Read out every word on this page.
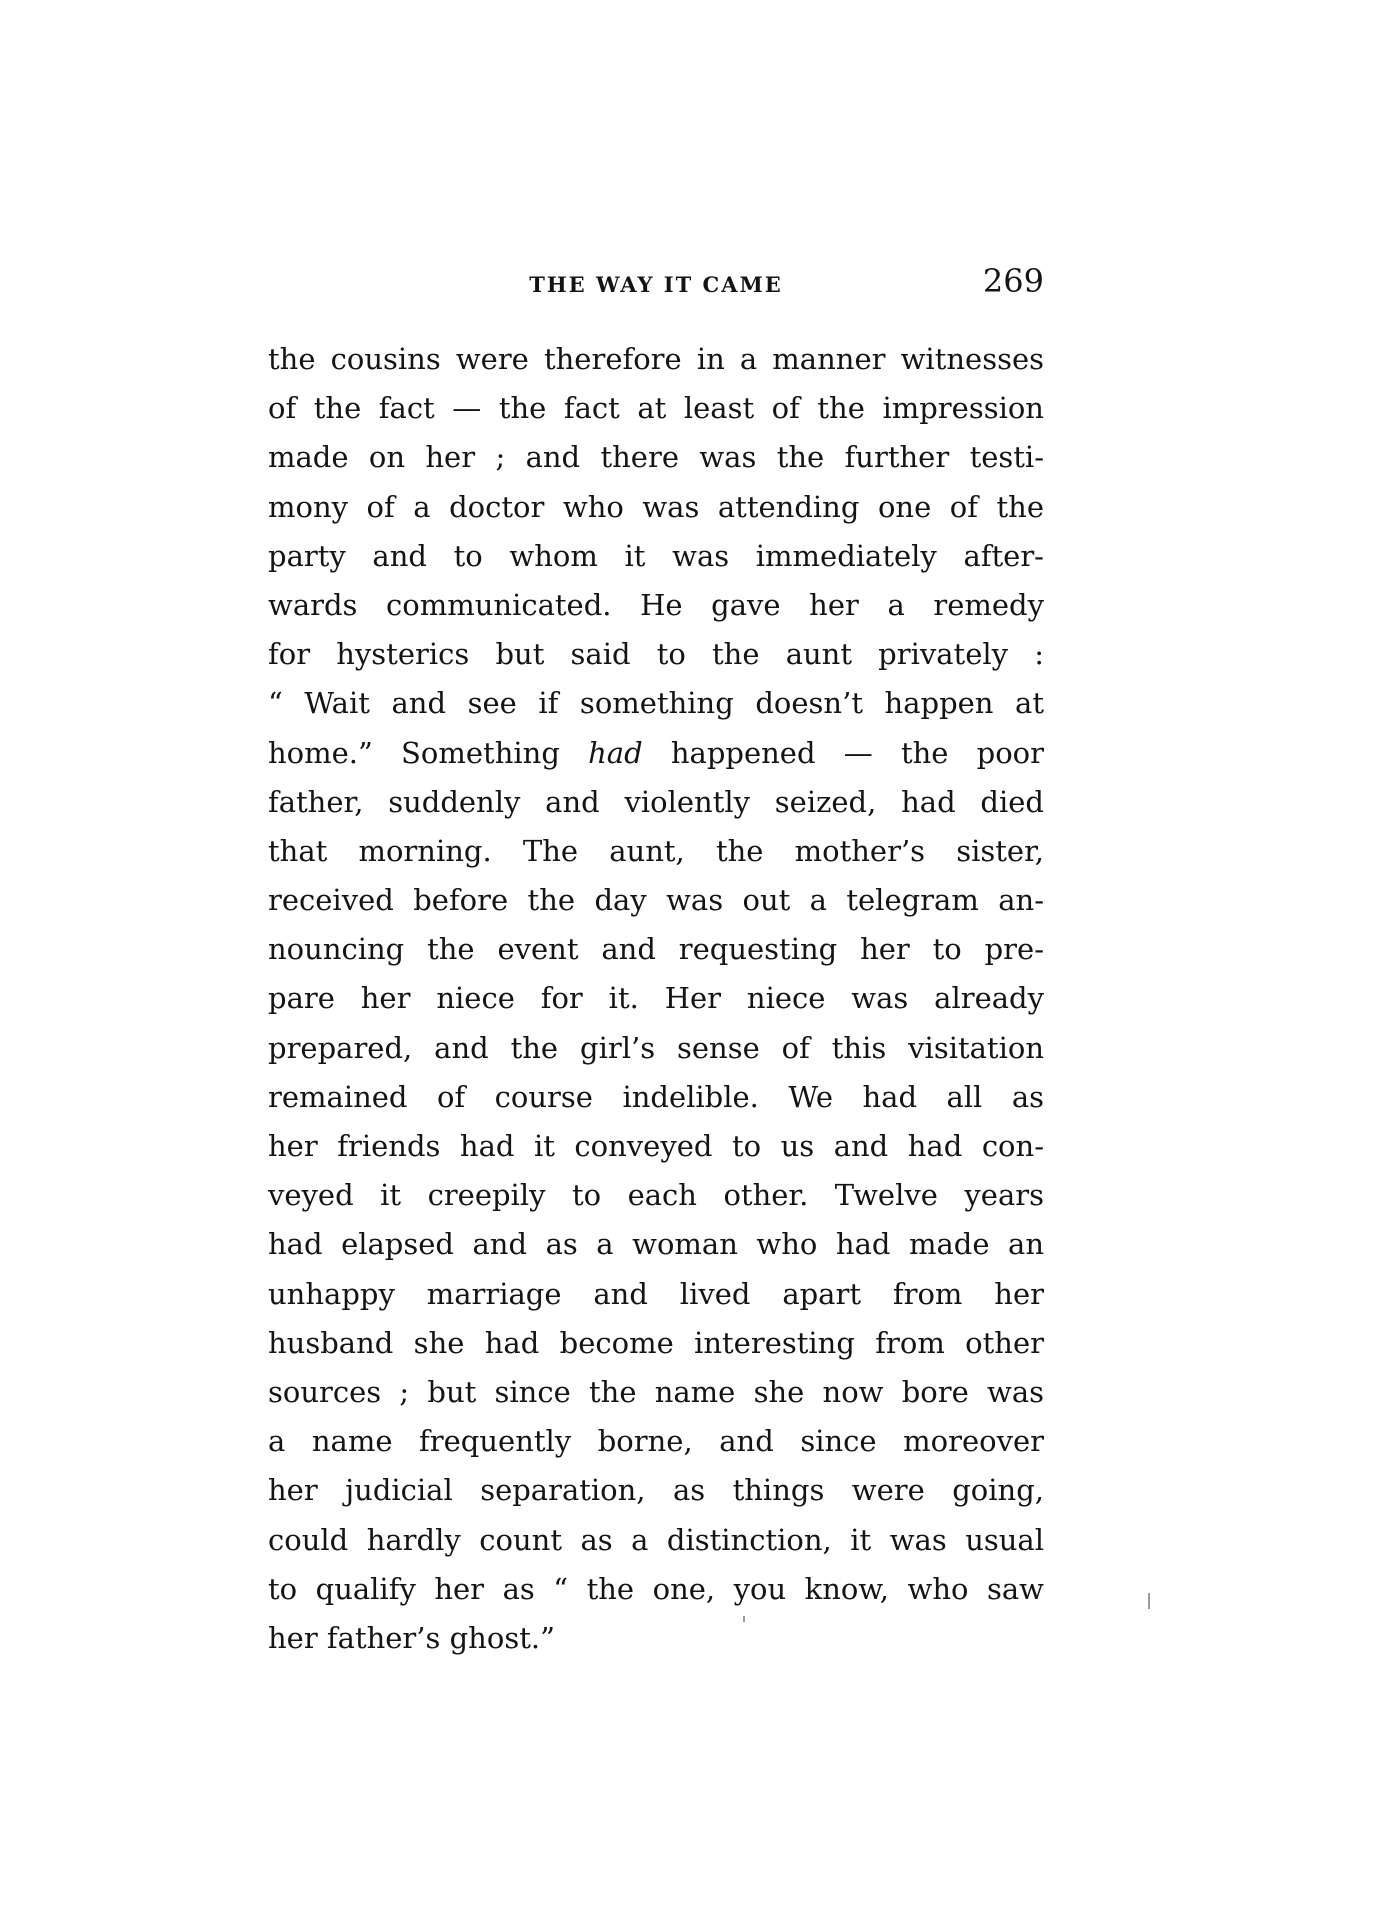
THE WAY IT CAME	269
the cousins were therefore in a manner witnesses
of the fact — the fact at least of the impression
made on her ; and there was the further testi-
mony of a doctor who was attending one of the
party and to whom it was immediately after-
wards communicated. He gave her a remedy
for hysterics but said to the aunt privately :
“ Wait and see if something doesn’t happen at
home.” Something had happened — the poor
father, suddenly and violently seized, had died
that morning. The aunt, the mother’s sister,
received before the day was out a telegram an-
nouncing the event and requesting her to pre-
pare her niece for it. Her niece was already
prepared, and the girl’s sense of this visitation
remained of course indelible. We had all as
her friends had it conveyed to us and had con-
veyed it creepily to each other. Twelve years
had elapsed and as a woman who had made an
unhappy marriage and lived apart from her
husband she had become interesting from other
sources ; but since the name she now bore was
a name frequently borne, and since moreover
her judicial separation, as things were going,
could hardly count as a distinction, it was usual
to qualify her as “ the one, you know, who saw
her father’s ghost.”
